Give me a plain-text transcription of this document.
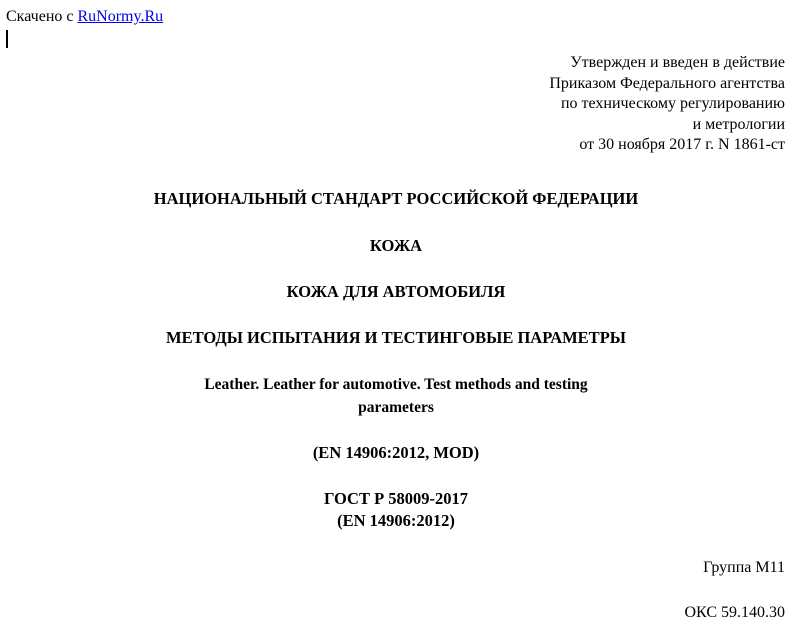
Скачено с RuNormy.Ru
Утвержден и введен в действие
Приказом Федерального агентства
по техническому регулированию
и метрологии
от 30 ноября 2017 г. N 1861-ст
НАЦИОНАЛЬНЫЙ СТАНДАРТ РОССИЙСКОЙ ФЕДЕРАЦИИ
КОЖА
КОЖА ДЛЯ АВТОМОБИЛЯ
МЕТОДЫ ИСПЫТАНИЯ И ТЕСТИНГОВЫЕ ПАРАМЕТРЫ
Leather. Leather for automotive. Test methods and testing
parameters
(EN 14906:2012, MOD)
ГОСТ Р 58009-2017
(EN 14906:2012)
Группа М11
ОКС 59.140.30
